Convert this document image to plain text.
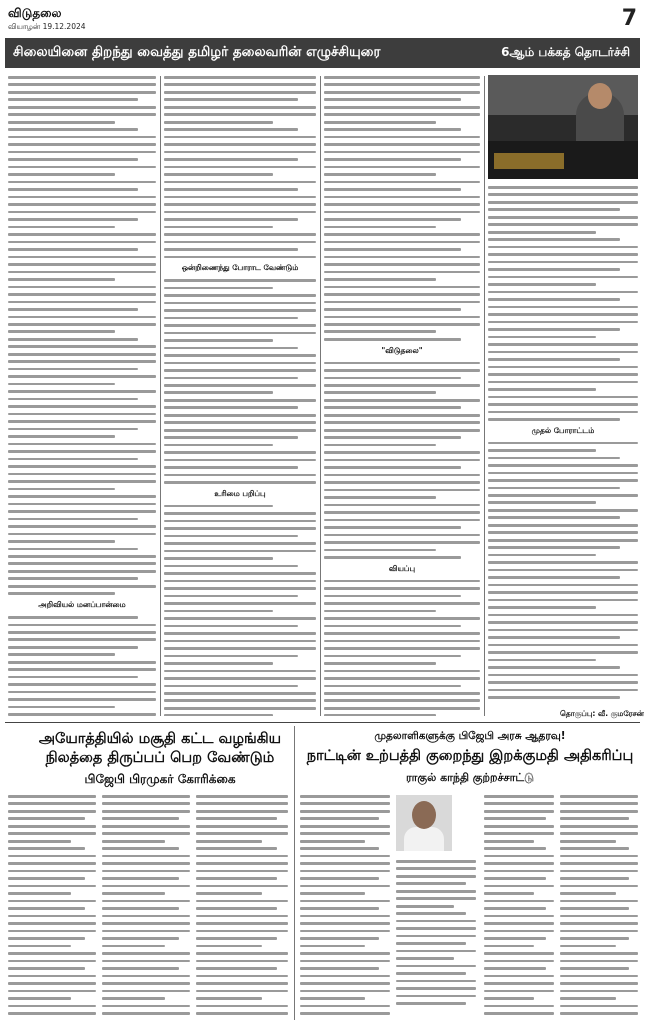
விடுதலை
வியாழன் 19.12.2024	7
சிலையினை திறந்து வைத்து தமிழர் தலைவரின் எழுச்சியுரை	6ஆம் பக்கத் தொடர்ச்சி
அறிவியல் மனப்பான்மை
ஒன்றிணைந்து போராட வேண்டும்
உரிமை பறிப்பு
"விடுதலை"
வியப்பு
முதல் போராட்டம்
தொகுப்பு: வீ. குமரேசன்
அயோத்தியில் மசூதி கட்ட வழங்கிய நிலத்தை திருப்பப் பெற வேண்டும்
பிஜேபி பிரமுகர் கோரிக்கை
முதலாளிகளுக்கு பிஜேபி அரசு ஆதரவு!
நாட்டின் உற்பத்தி குறைந்து இறக்குமதி அதிகரிப்பு
ராகுல் காந்தி குற்றச்சாட்டு
